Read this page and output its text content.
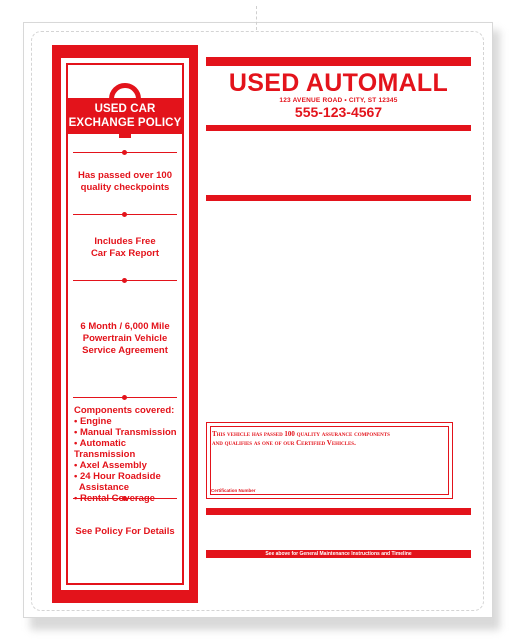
USED CAR
EXCHANGE POLICY
Has passed over 100
quality checkpoints
Includes Free
Car Fax Report
6 Month / 6,000 Mile
Powertrain Vehicle
Service Agreement
Components covered:
• Engine
• Manual Transmission
• Automatic Transmission
• Axel Assembly
• 24 Hour Roadside
Assistance
See Policy For Details
USED AUTOMALL
123 AVENUE ROAD • CITY, ST 12345
555-123-4567
This vehicle has passed 100 quality assurance components
and qualifies as one of our Certified Vehicles.
Certification Number
See above for General Maintenance Instructions and Timeline
